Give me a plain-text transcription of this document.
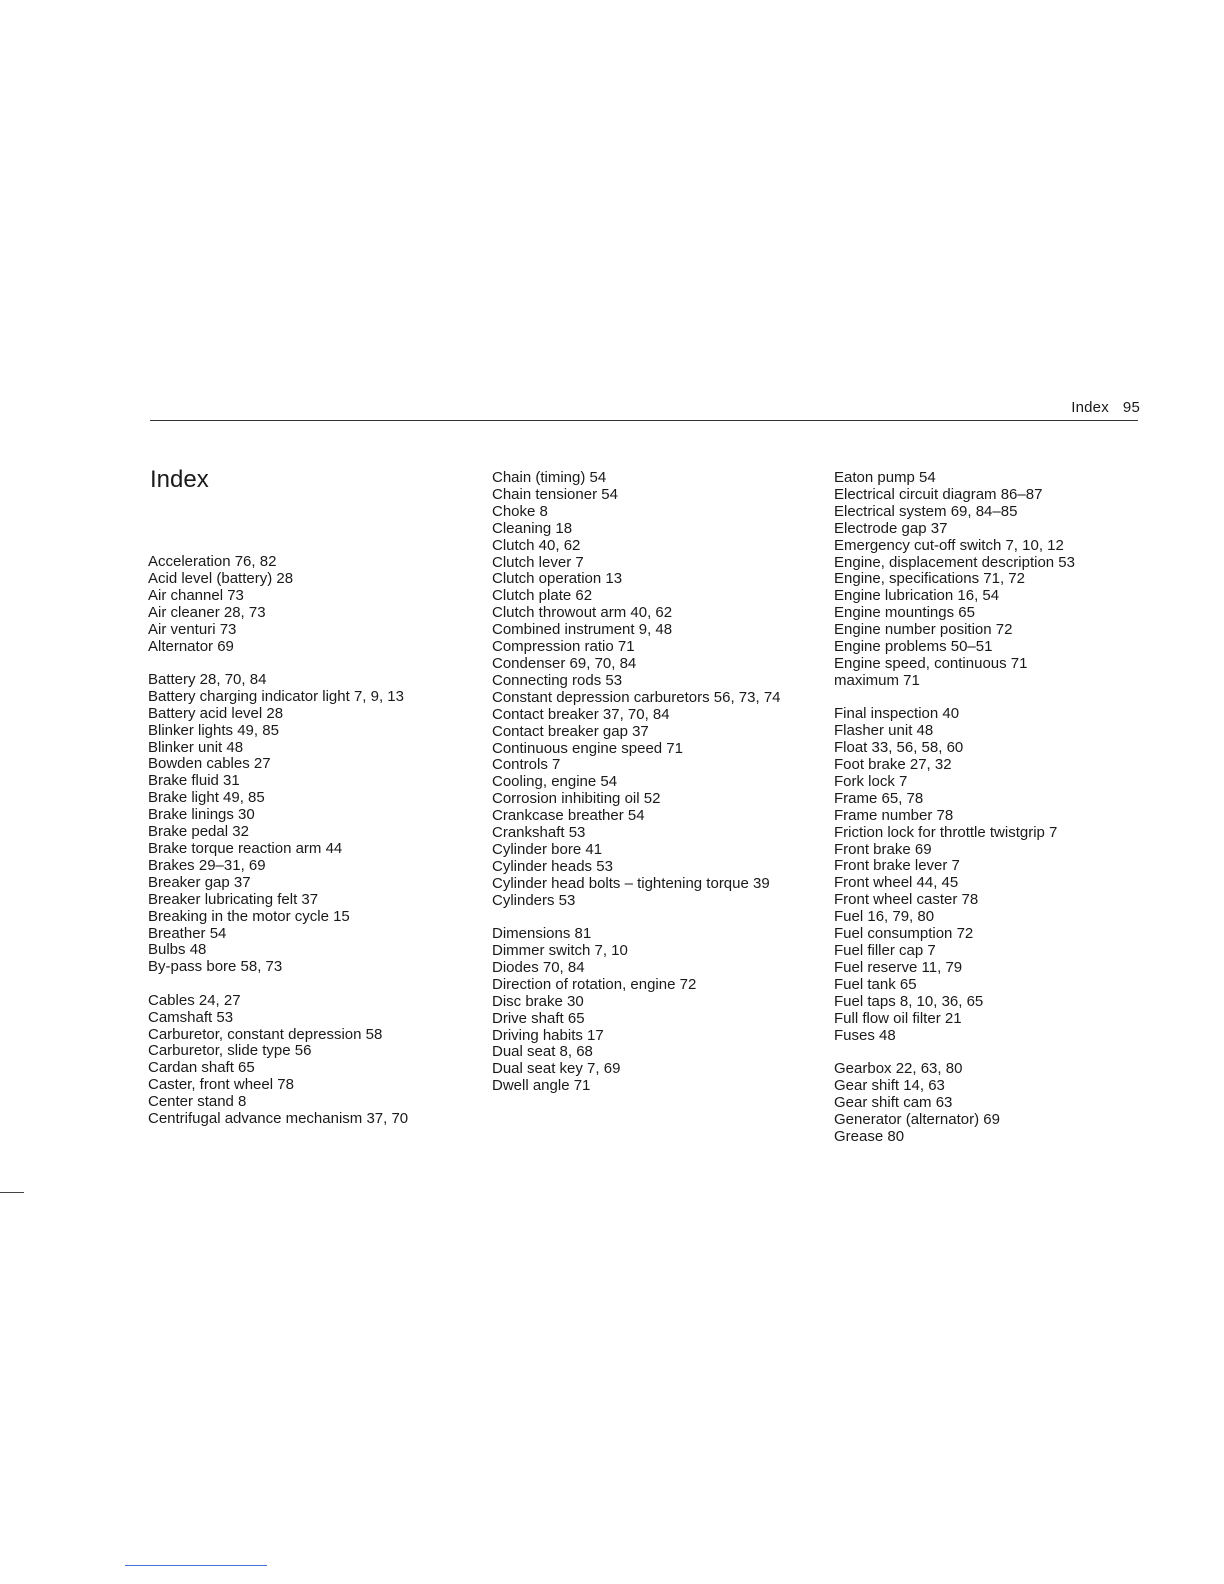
Index 95
Index
Acceleration 76, 82
Acid level (battery) 28
Air channel 73
Air cleaner 28, 73
Air venturi 73
Alternator 69
Battery 28, 70, 84
Battery charging indicator light 7, 9, 13
Battery acid level 28
Blinker lights 49, 85
Blinker unit 48
Bowden cables 27
Brake fluid 31
Brake light 49, 85
Brake linings 30
Brake pedal 32
Brake torque reaction arm 44
Brakes 29–31, 69
Breaker gap 37
Breaker lubricating felt 37
Breaking in the motor cycle 15
Breather 54
Bulbs 48
By-pass bore 58, 73
Cables 24, 27
Camshaft 53
Carburetor, constant depression 58
Carburetor, slide type 56
Cardan shaft 65
Caster, front wheel 78
Center stand 8
Centrifugal advance mechanism 37, 70
Chain (timing) 54
Chain tensioner 54
Choke 8
Cleaning 18
Clutch 40, 62
Clutch lever 7
Clutch operation 13
Clutch plate 62
Clutch throwout arm 40, 62
Combined instrument 9, 48
Compression ratio 71
Condenser 69, 70, 84
Connecting rods 53
Constant depression carburetors 56, 73, 74
Contact breaker 37, 70, 84
Contact breaker gap 37
Continuous engine speed 71
Controls 7
Cooling, engine 54
Corrosion inhibiting oil 52
Crankcase breather 54
Crankshaft 53
Cylinder bore 41
Cylinder heads 53
Cylinder head bolts – tightening torque 39
Cylinders 53
Dimensions 81
Dimmer switch 7, 10
Diodes 70, 84
Direction of rotation, engine 72
Disc brake 30
Drive shaft 65
Driving habits 17
Dual seat 8, 68
Dual seat key 7, 69
Dwell angle 71
Eaton pump 54
Electrical circuit diagram 86–87
Electrical system 69, 84–85
Electrode gap 37
Emergency cut-off switch 7, 10, 12
Engine, displacement description 53
Engine, specifications 71, 72
Engine lubrication 16, 54
Engine mountings 65
Engine number position 72
Engine problems 50–51
Engine speed, continuous 71
maximum 71
Final inspection 40
Flasher unit 48
Float 33, 56, 58, 60
Foot brake 27, 32
Fork lock 7
Frame 65, 78
Frame number 78
Friction lock for throttle twistgrip 7
Front brake 69
Front brake lever 7
Front wheel 44, 45
Front wheel caster 78
Fuel 16, 79, 80
Fuel consumption 72
Fuel filler cap 7
Fuel reserve 11, 79
Fuel tank 65
Fuel taps 8, 10, 36, 65
Full flow oil filter 21
Fuses 48
Gearbox 22, 63, 80
Gear shift 14, 63
Gear shift cam 63
Generator (alternator) 69
Grease 80
